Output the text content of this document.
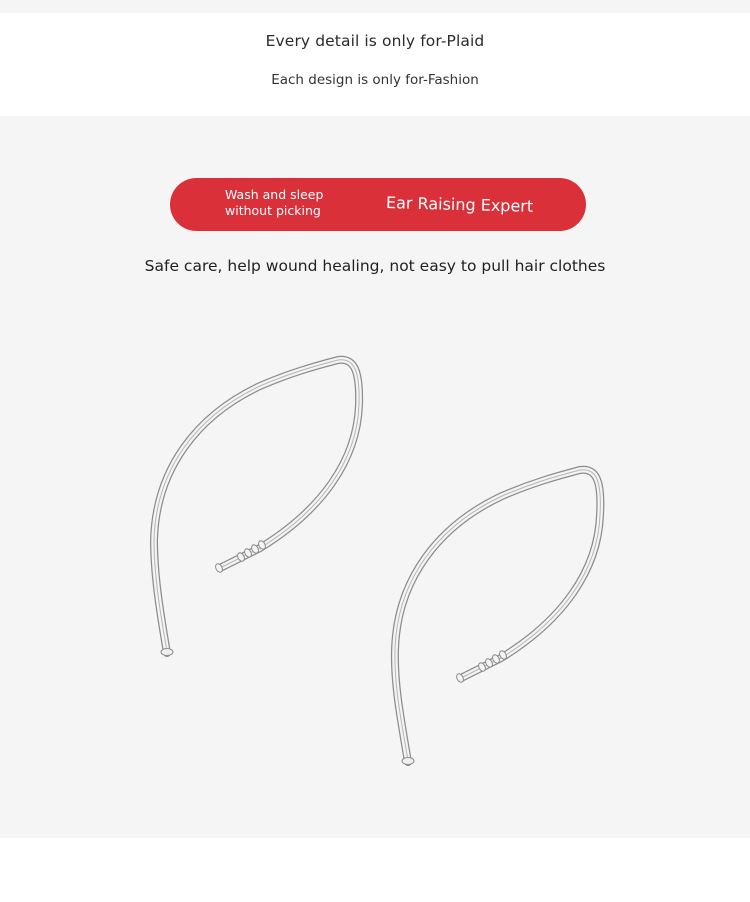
Every detail is only for-Plaid
Each design is only for-Fashion
Wash and sleep
without picking	Ear Raising Expert
Safe care, help wound healing, not easy to pull hair clothes
